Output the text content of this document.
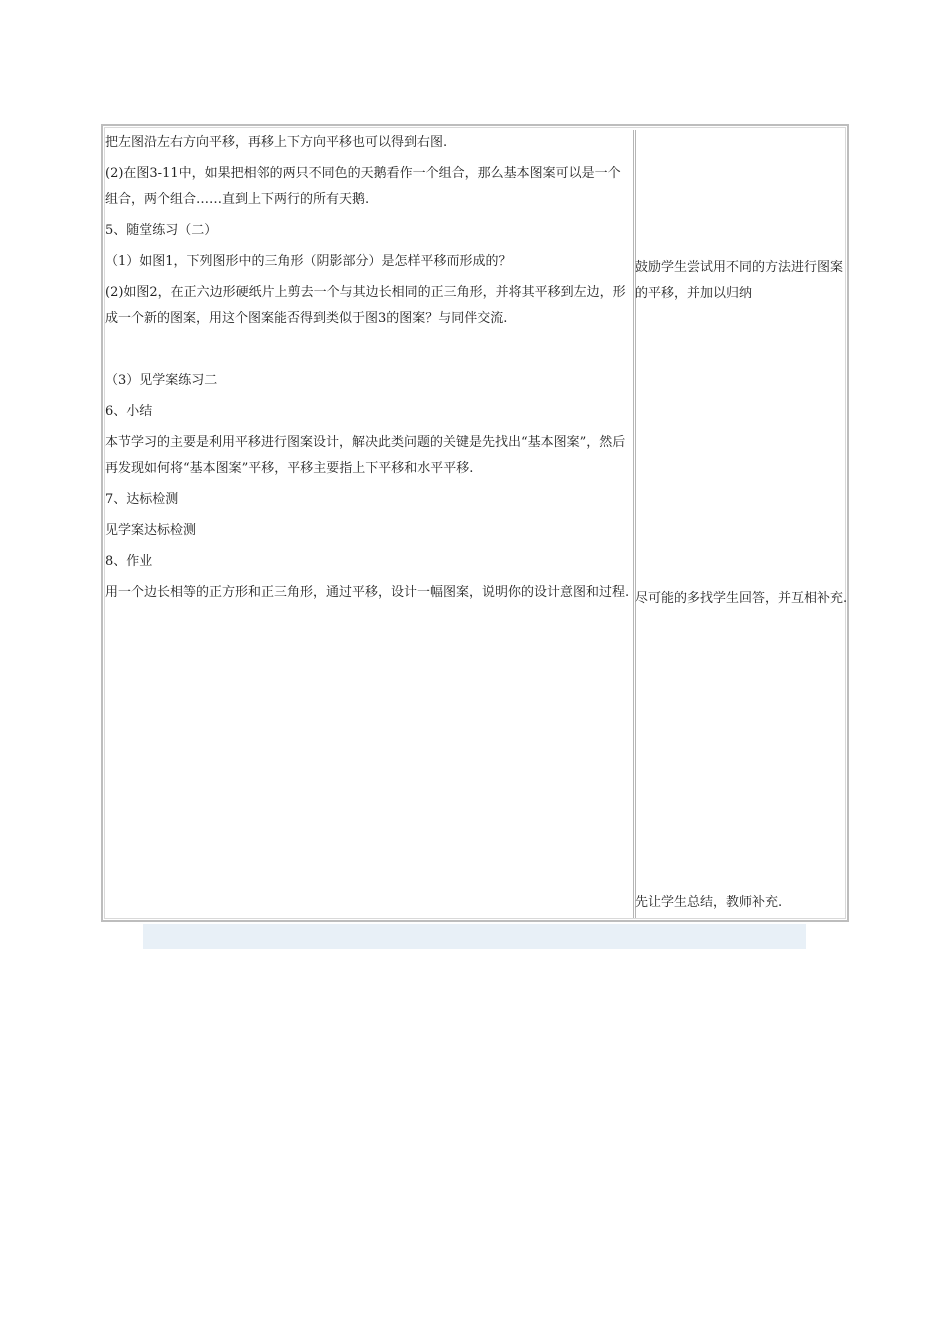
把左图沿左右方向平移，再移上下方向平移也可以得到右图.

(2)在图3-11中，如果把相邻的两只不同色的天鹅看作一个组合，那么基本图案可以是一个组合，两个组合……直到上下两行的所有天鹅.

5、随堂练习（二）

（1）如图1，下列图形中的三角形（阴影部分）是怎样平移而形成的？

(2)如图2，在正六边形硬纸片上剪去一个与其边长相同的正三角形，并将其平移到左边，形成一个新的图案，用这个图案能否得到类似于图3的图案？与同伴交流.

（3）见学案练习二

6、小结

本节学习的主要是利用平移进行图案设计，解决此类问题的关键是先找出“基本图案”，然后再发现如何将“基本图案”平移，平移主要指上下平移和水平平移.

7、达标检测

见学案达标检测

8、作业

用一个边长相等的正方形和正三角形，通过平移，设计一幅图案，说明你的设计意图和过程.

鼓励学生尝试用不同的方法进行图案的平移，并加以归纳

尽可能的多找学生回答，并互相补充.

先让学生总结，教师补充.
